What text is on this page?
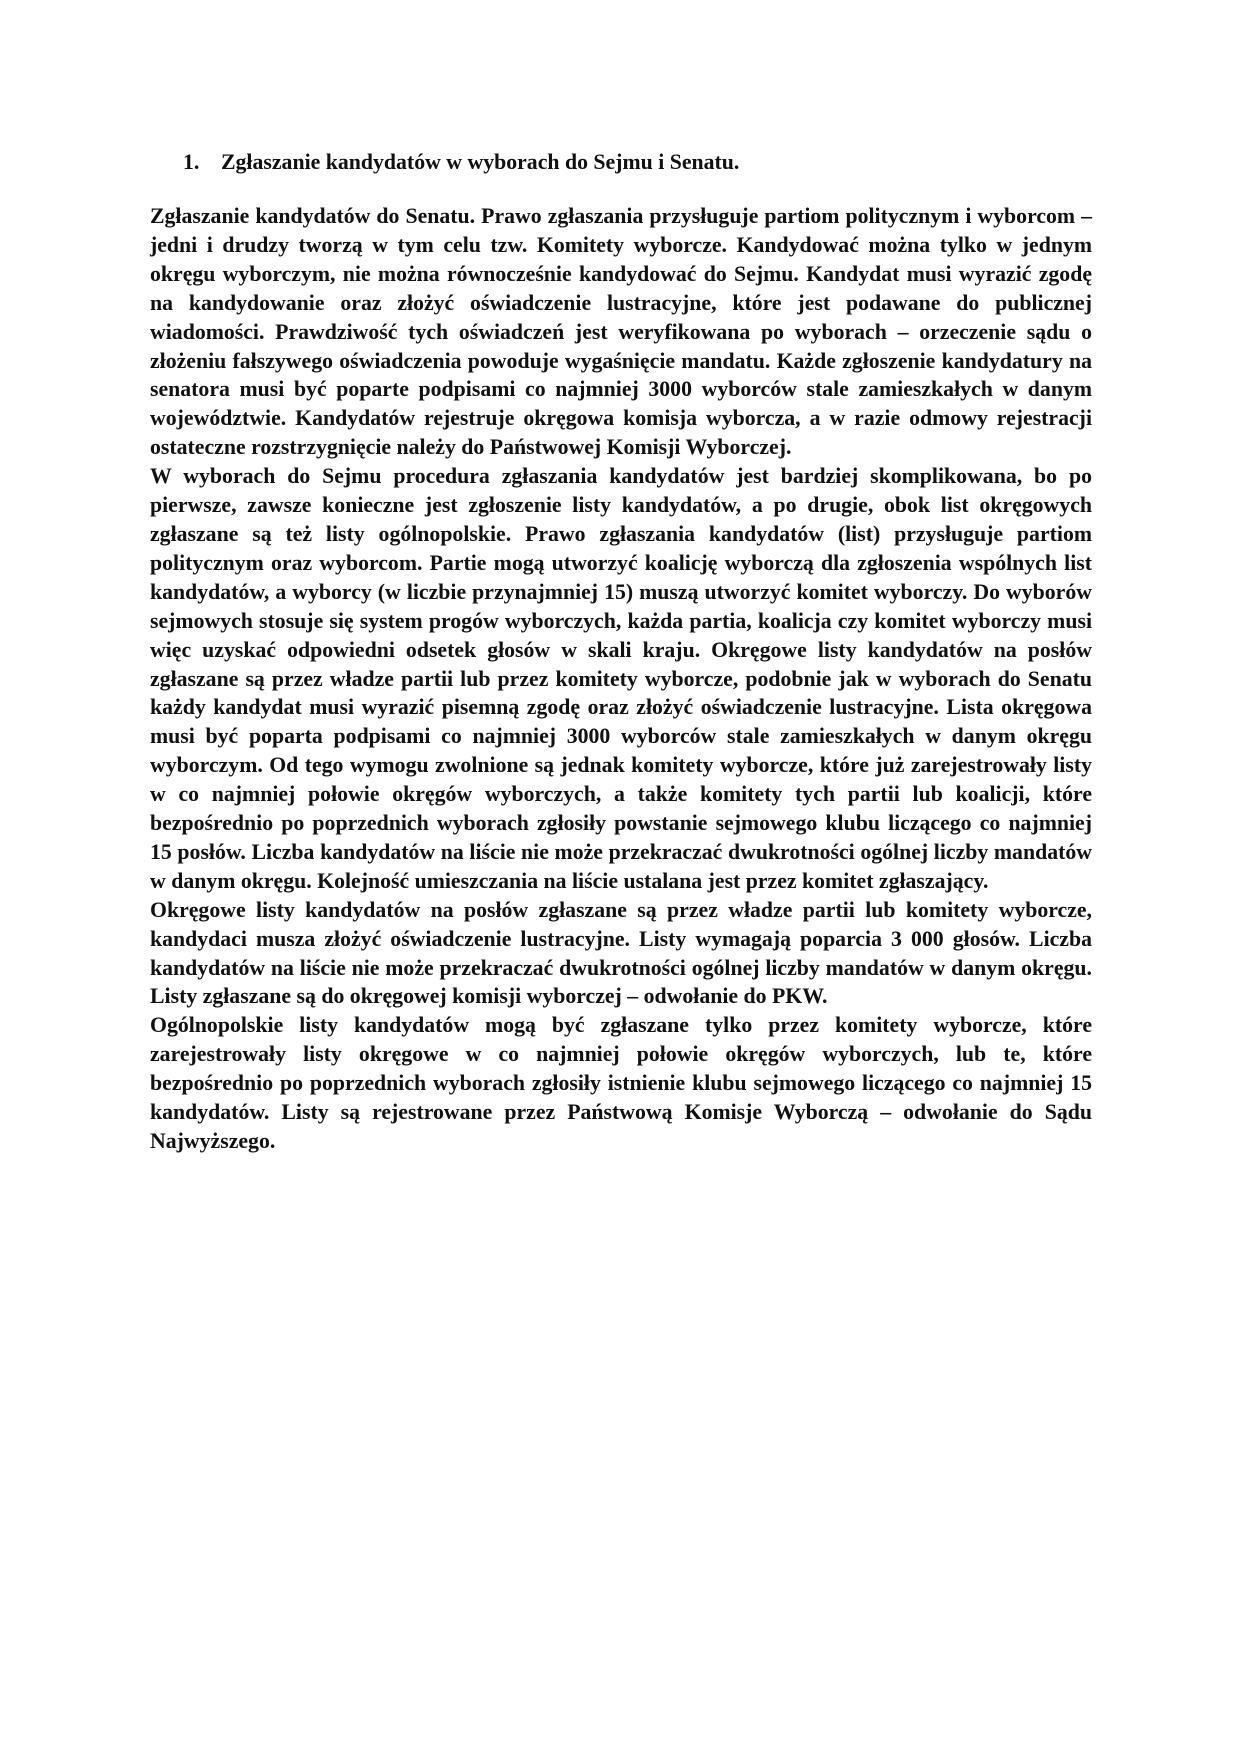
1. Zgłaszanie kandydatów w wyborach do Sejmu i Senatu.

Zgłaszanie kandydatów do Senatu. Prawo zgłaszania przysługuje partiom politycznym i wyborcom – jedni i drudzy tworzą w tym celu tzw. Komitety wyborcze. Kandydować można tylko w jednym okręgu wyborczym, nie można równocześnie kandydować do Sejmu. Kandydat musi wyrazić zgodę na kandydowanie oraz złożyć oświadczenie lustracyjne, które jest podawane do publicznej wiadomości. Prawdziwość tych oświadczeń jest weryfikowana po wyborach – orzeczenie sądu o złożeniu fałszywego oświadczenia powoduje wygaśnięcie mandatu. Każde zgłoszenie kandydatury na senatora musi być poparte podpisami co najmniej 3000 wyborców stale zamieszkałych w danym województwie. Kandydatów rejestruje okręgowa komisja wyborcza, a w razie odmowy rejestracji ostateczne rozstrzygnięcie należy do Państwowej Komisji Wyborczej.

W wyborach do Sejmu procedura zgłaszania kandydatów jest bardziej skomplikowana, bo po pierwsze, zawsze konieczne jest zgłoszenie listy kandydatów, a po drugie, obok list okręgowych zgłaszane są też listy ogólnopolskie. Prawo zgłaszania kandydatów (list) przysługuje partiom politycznym oraz wyborcom. Partie mogą utworzyć koalicję wyborczą dla zgłoszenia wspólnych list kandydatów, a wyborcy (w liczbie przynajmniej 15) muszą utworzyć komitet wyborczy. Do wyborów sejmowych stosuje się system progów wyborczych, każda partia, koalicja czy komitet wyborczy musi więc uzyskać odpowiedni odsetek głosów w skali kraju. Okręgowe listy kandydatów na posłów zgłaszane są przez władze partii lub przez komitety wyborcze, podobnie jak w wyborach do Senatu każdy kandydat musi wyrazić pisemną zgodę oraz złożyć oświadczenie lustracyjne. Lista okręgowa musi być poparta podpisami co najmniej 3000 wyborców stale zamieszkałych w danym okręgu wyborczym. Od tego wymogu zwolnione są jednak komitety wyborcze, które już zarejestrowały listy w co najmniej połowie okręgów wyborczych, a także komitety tych partii lub koalicji, które bezpośrednio po poprzednich wyborach zgłosiły powstanie sejmowego klubu liczącego co najmniej 15 posłów. Liczba kandydatów na liście nie może przekraczać dwukrotności ogólnej liczby mandatów w danym okręgu. Kolejność umieszczania na liście ustalana jest przez komitet zgłaszający.

Okręgowe listy kandydatów na posłów zgłaszane są przez władze partii lub komitety wyborcze, kandydaci musza złożyć oświadczenie lustracyjne. Listy wymagają poparcia 3 000 głosów. Liczba kandydatów na liście nie może przekraczać dwukrotności ogólnej liczby mandatów w danym okręgu. Listy zgłaszane są do okręgowej komisji wyborczej – odwołanie do PKW.

Ogólnopolskie listy kandydatów mogą być zgłaszane tylko przez komitety wyborcze, które zarejestrowały listy okręgowe w co najmniej połowie okręgów wyborczych, lub te, które bezpośrednio po poprzednich wyborach zgłosiły istnienie klubu sejmowego liczącego co najmniej 15 kandydatów. Listy są rejestrowane przez Państwową Komisje Wyborczą – odwołanie do Sądu Najwyższego.
